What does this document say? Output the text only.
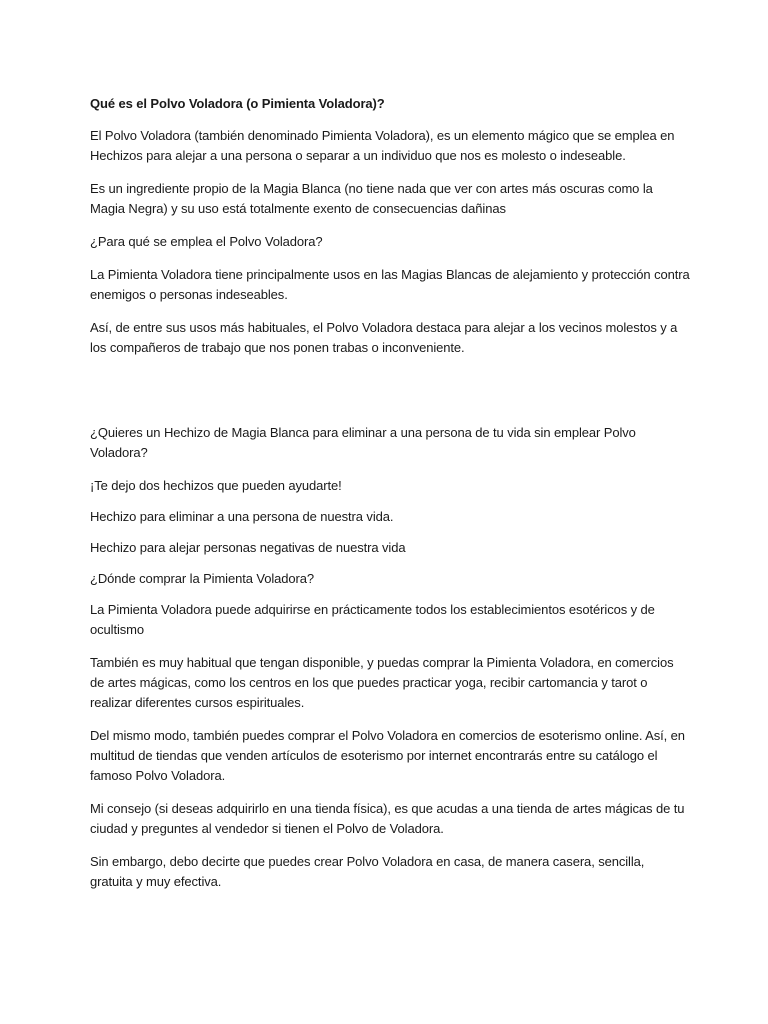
Qué es el Polvo Voladora (o Pimienta Voladora)?

El Polvo Voladora (también denominado Pimienta Voladora), es un elemento mágico que se emplea en Hechizos para alejar a una persona o separar a un individuo que nos es molesto o indeseable.

Es un ingrediente propio de la Magia Blanca (no tiene nada que ver con artes más oscuras como la Magia Negra) y su uso está totalmente exento de consecuencias dañinas

¿Para qué se emplea el Polvo Voladora?

La Pimienta Voladora tiene principalmente usos en las Magias Blancas de alejamiento y protección contra enemigos o personas indeseables.

Así, de entre sus usos más habituales, el Polvo Voladora destaca para alejar a los vecinos molestos y a los compañeros de trabajo que nos ponen trabas o inconveniente.

¿Quieres un Hechizo de Magia Blanca para eliminar a una persona de tu vida sin emplear Polvo Voladora?

¡Te dejo dos hechizos que pueden ayudarte!

Hechizo para eliminar a una persona de nuestra vida.

Hechizo para alejar personas negativas de nuestra vida

¿Dónde comprar la Pimienta Voladora?

La Pimienta Voladora puede adquirirse en prácticamente todos los establecimientos esotéricos y de ocultismo

También es muy habitual que tengan disponible, y puedas comprar la Pimienta Voladora, en comercios de artes mágicas, como los centros en los que puedes practicar yoga, recibir cartomancia y tarot o realizar diferentes cursos espirituales.

Del mismo modo, también puedes comprar el Polvo Voladora en comercios de esoterismo online. Así, en multitud de tiendas que venden artículos de esoterismo por internet encontrarás entre su catálogo el famoso Polvo Voladora.

Mi consejo (si deseas adquirirlo en una tienda física), es que acudas a una tienda de artes mágicas de tu ciudad y preguntes al vendedor si tienen el Polvo de Voladora.

Sin embargo, debo decirte que puedes crear Polvo Voladora en casa, de manera casera, sencilla, gratuita y muy efectiva.
